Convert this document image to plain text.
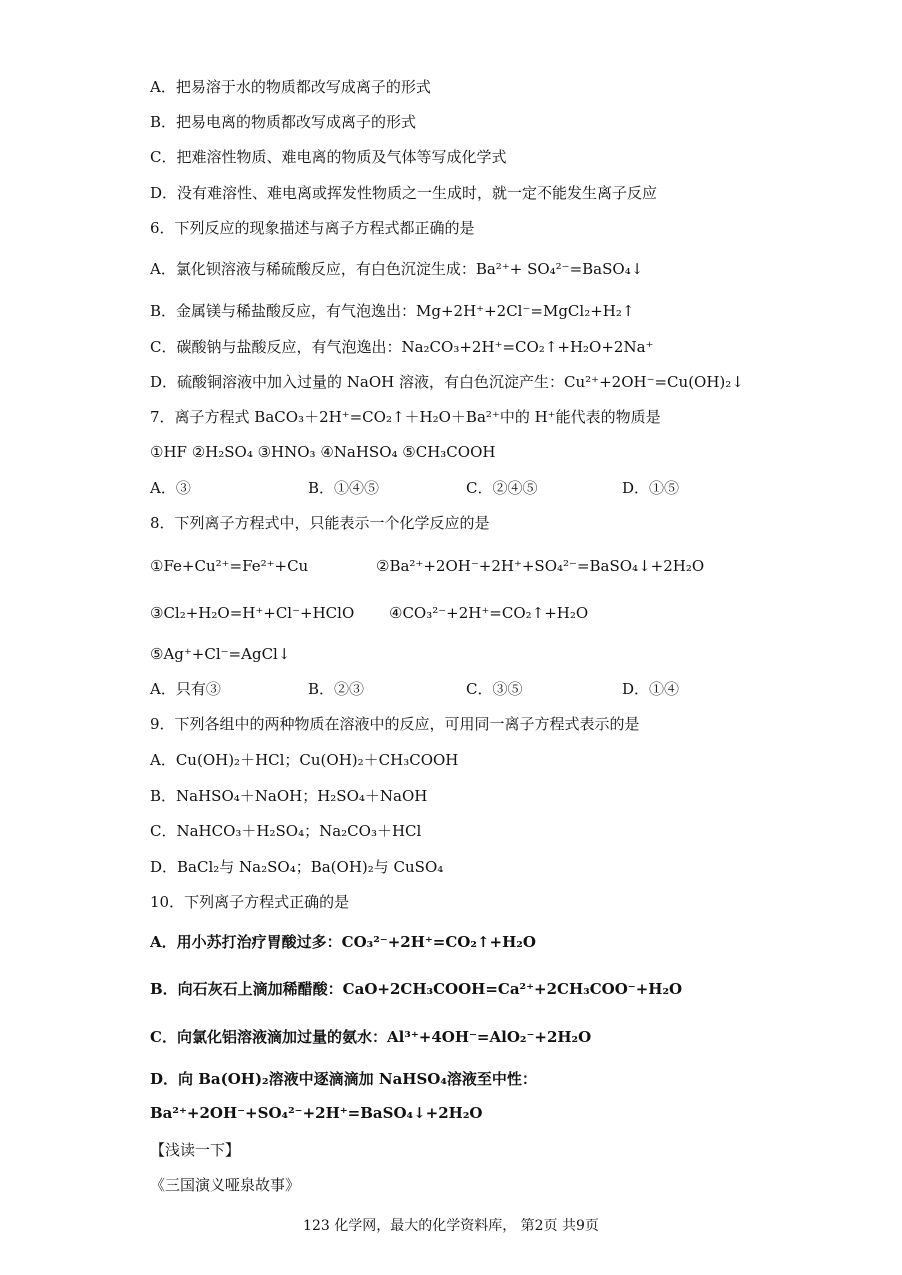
A．把易溶于水的物质都改写成离子的形式
B．把易电离的物质都改写成离子的形式
C．把难溶性物质、难电离的物质及气体等写成化学式
D．没有难溶性、难电离或挥发性物质之一生成时，就一定不能发生离子反应
6．下列反应的现象描述与离子方程式都正确的是
A．氯化钡溶液与稀硫酸反应，有白色沉淀生成：Ba²⁺+ SO₄²⁻=BaSO₄↓
B．金属镁与稀盐酸反应，有气泡逸出：Mg+2H⁺+2Cl⁻=MgCl₂+H₂↑
C．碳酸钠与盐酸反应，有气泡逸出：Na₂CO₃+2H⁺=CO₂↑+H₂O+2Na⁺
D．硫酸铜溶液中加入过量的 NaOH 溶液，有白色沉淀产生：Cu²⁺+2OH⁻=Cu(OH)₂↓
7．离子方程式 BaCO₃＋2H⁺=CO₂↑＋H₂O＋Ba²⁺中的 H⁺能代表的物质是
①HF ②H₂SO₄ ③HNO₃ ④NaHSO₄ ⑤CH₃COOH
A．③	B．①④⑤	C．②④⑤	D．①⑤
8．下列离子方程式中，只能表示一个化学反应的是
①Fe+Cu²⁺=Fe²⁺+Cu	②Ba²⁺+2OH⁻+2H⁺+SO₄²⁻=BaSO₄↓+2H₂O
③Cl₂+H₂O=H⁺+Cl⁻+HClO ④CO₃²⁻+2H⁺=CO₂↑+H₂O
⑤Ag⁺+Cl⁻=AgCl↓
A．只有③	B．②③	C．③⑤	D．①④
9．下列各组中的两种物质在溶液中的反应，可用同一离子方程式表示的是
A．Cu(OH)₂＋HCl；Cu(OH)₂＋CH₃COOH
B．NaHSO₄＋NaOH；H₂SO₄＋NaOH
C．NaHCO₃＋H₂SO₄；Na₂CO₃＋HCl
D．BaCl₂与 Na₂SO₄；Ba(OH)₂与 CuSO₄
10．下列离子方程式正确的是
A．用小苏打治疗胃酸过多：CO₃²⁻+2H⁺=CO₂↑+H₂O
B．向石灰石上滴加稀醋酸：CaO+2CH₃COOH=Ca²⁺+2CH₃COO⁻+H₂O
C．向氯化铝溶液滴加过量的氨水：Al³⁺+4OH⁻=AlO₂⁻+2H₂O
D．向 Ba(OH)₂溶液中逐滴滴加 NaHSO₄溶液至中性：
Ba²⁺+2OH⁻+SO₄²⁻+2H⁺=BaSO₄↓+2H₂O
【浅读一下】
《三国演义哑泉故事》
123 化学网，最大的化学资料库， 第2页 共9页
